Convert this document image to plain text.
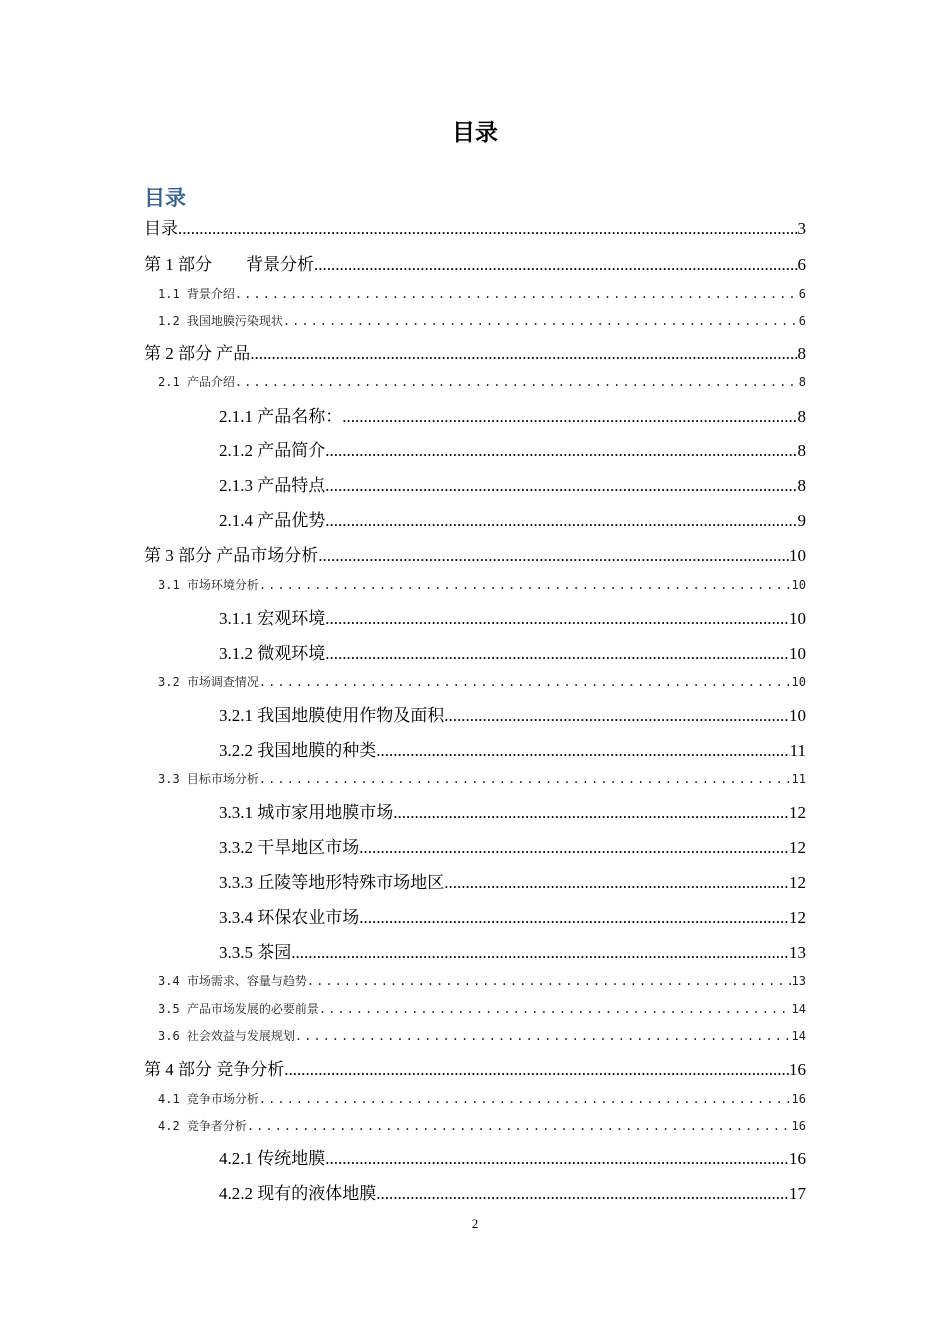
目录
目录
目录 .....	3
第 1 部分　　背景分析 .....	6
1.1 背景介绍 .....	6
1.2 我国地膜污染现状 .....	6
第 2 部分 产品 .....	8
2.1 产品介绍 .....	8
2.1.1 产品名称： .....	8
2.1.2 产品简介 .....	8
2.1.3 产品特点 .....	8
2.1.4 产品优势 .....	9
第 3 部分 产品市场分析 .....	10
3.1 市场环境分析 .....	10
3.1.1 宏观环境 .....	10
3.1.2 微观环境 .....	10
3.2 市场调查情况 .....	10
3.2.1 我国地膜使用作物及面积 .....	10
3.2.2 我国地膜的种类 .....	11
3.3 目标市场分析 .....	11
3.3.1 城市家用地膜市场 .....	12
3.3.2 干旱地区市场 .....	12
3.3.3 丘陵等地形特殊市场地区 .....	12
3.3.4 环保农业市场 .....	12
3.3.5 茶园 .....	13
3.4 市场需求、容量与趋势 .....	13
3.5 产品市场发展的必要前景 .....	14
3.6 社会效益与发展规划 .....	14
第 4 部分 竞争分析 .....	16
4.1 竞争市场分析 .....	16
4.2 竞争者分析 .....	16
4.2.1 传统地膜 .....	16
4.2.2 现有的液体地膜 .....	17
2
